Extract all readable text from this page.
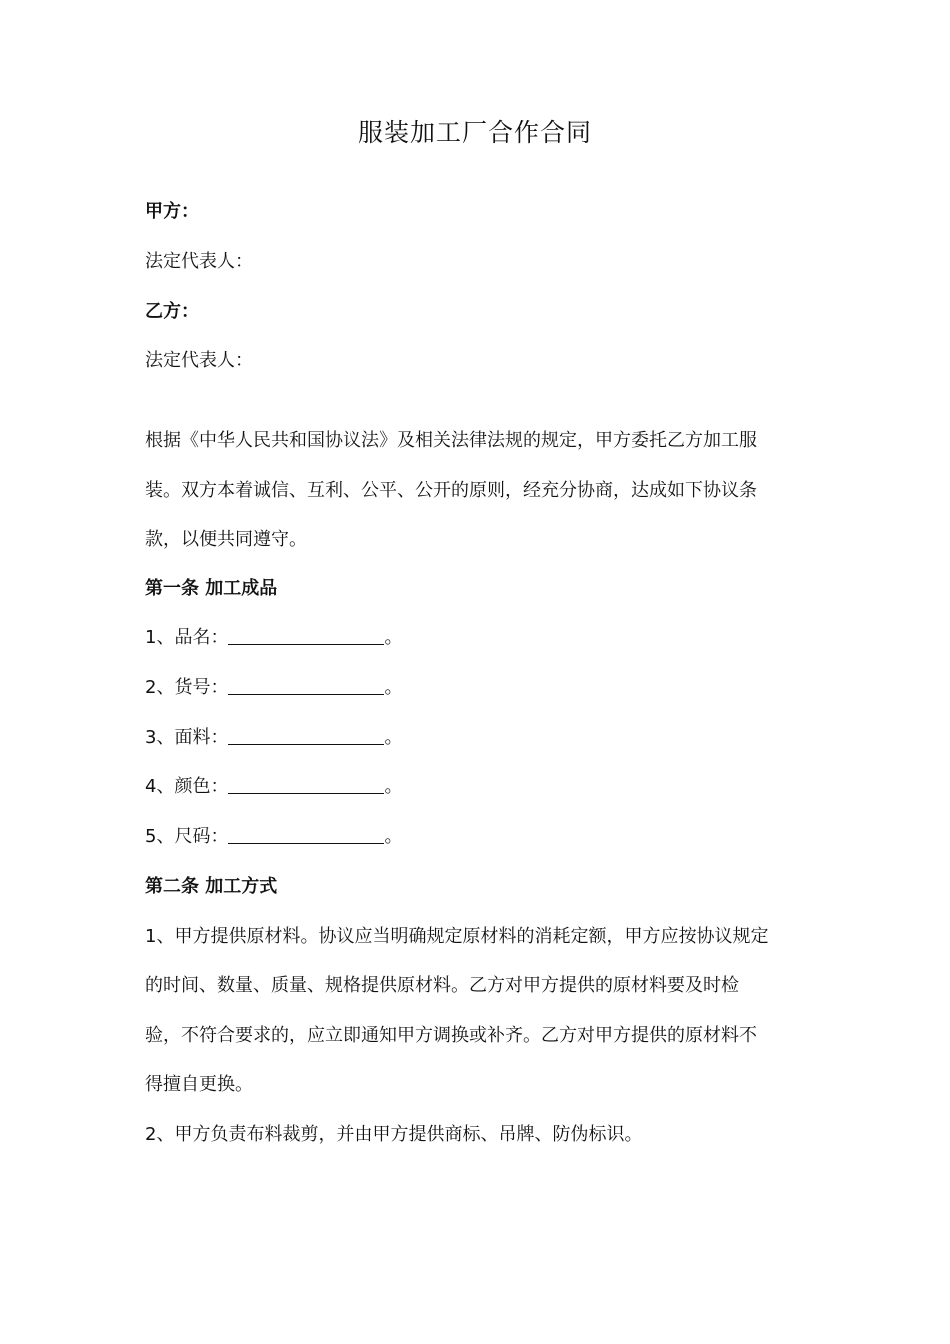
服装加工厂合作合同
甲方：
法定代表人：
乙方：
法定代表人：
根据《中华人民共和国协议法》及相关法律法规的规定，甲方委托乙方加工服
装。双方本着诚信、互利、公平、公开的原则，经充分协商，达成如下协议条
款，以便共同遵守。
第一条 加工成品
1、品名：	。
2、货号：	。
3、面料：	。
4、颜色：	。
5、尺码：	。
第二条 加工方式
1、甲方提供原材料。协议应当明确规定原材料的消耗定额，甲方应按协议规定
的时间、数量、质量、规格提供原材料。乙方对甲方提供的原材料要及时检
验，不符合要求的，应立即通知甲方调换或补齐。乙方对甲方提供的原材料不
得擅自更换。
2、甲方负责布料裁剪，并由甲方提供商标、吊牌、防伪标识。
